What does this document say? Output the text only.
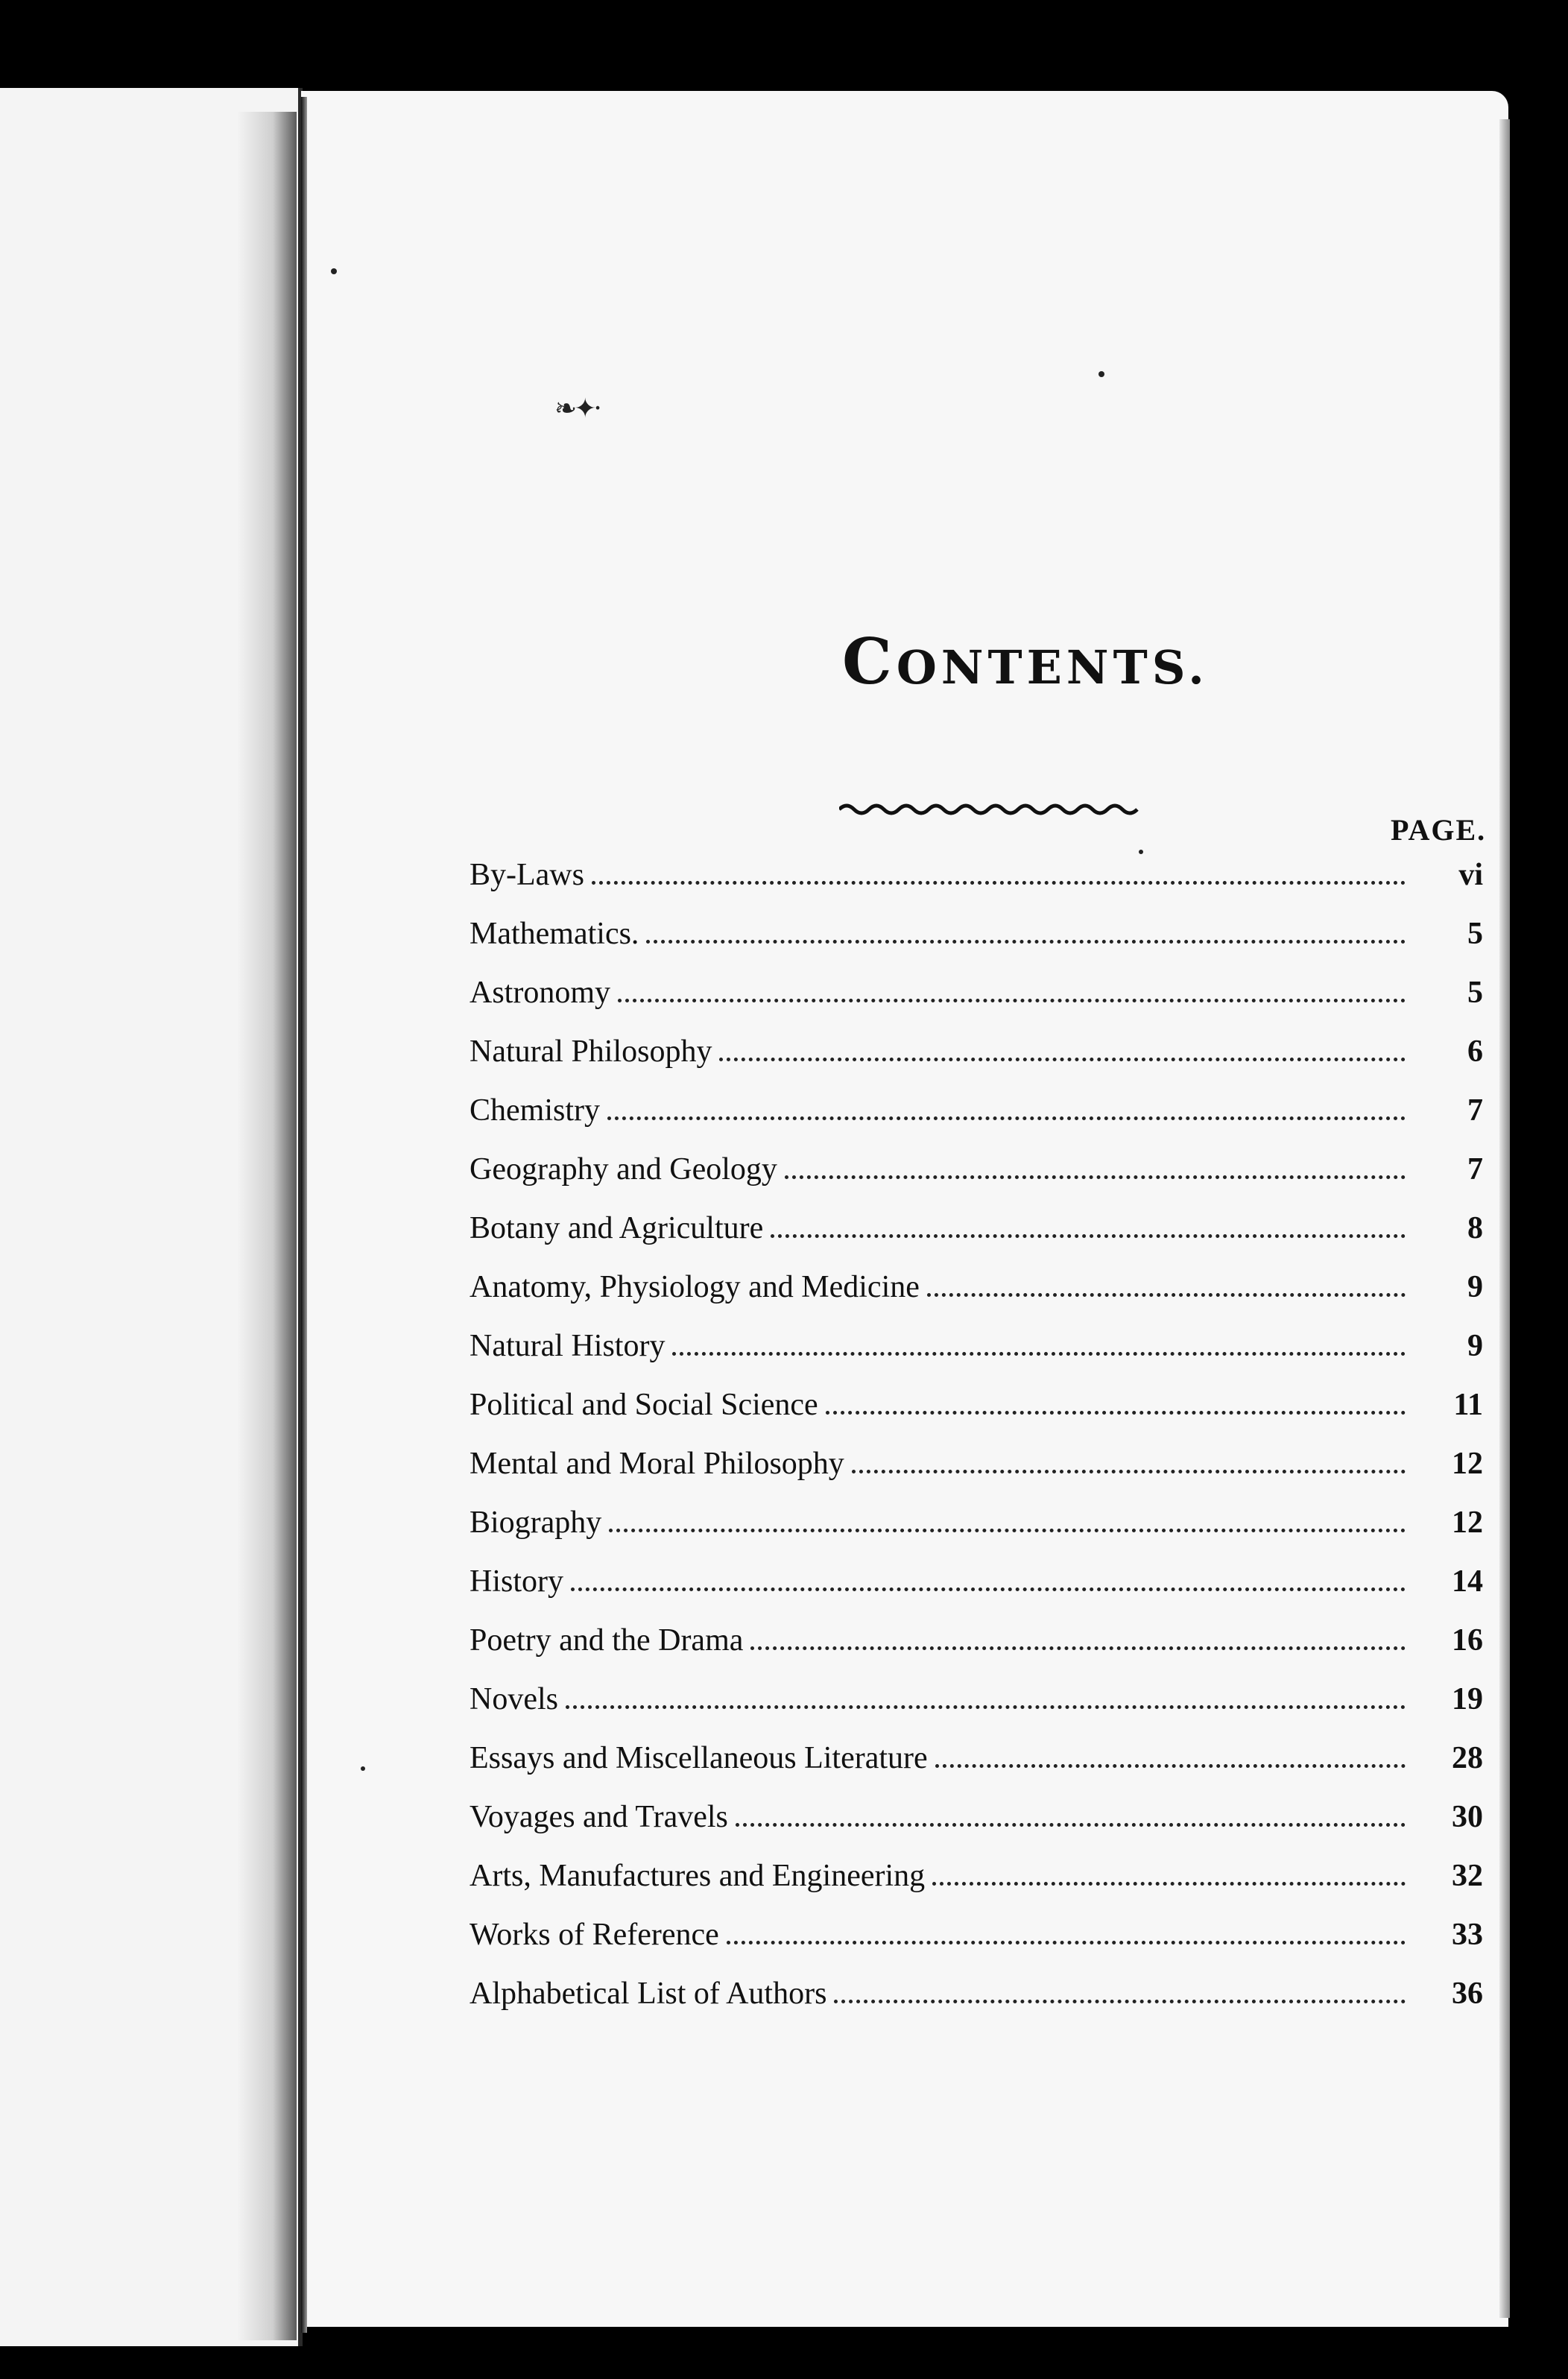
❧✦·
CONTENTS.
PAGE.
By-Laws	vi
Mathematics.	5
Astronomy	5
Natural Philosophy	6
Chemistry	7
Geography and Geology	7
Botany and Agriculture	8
Anatomy, Physiology and Medicine	9
Natural History	9
Political and Social Science	11
Mental and Moral Philosophy	12
Biography	12
History	14
Poetry and the Drama	16
Novels	19
Essays and Miscellaneous Literature	28
Voyages and Travels	30
Arts, Manufactures and Engineering	32
Works of Reference	33
Alphabetical List of Authors	36
